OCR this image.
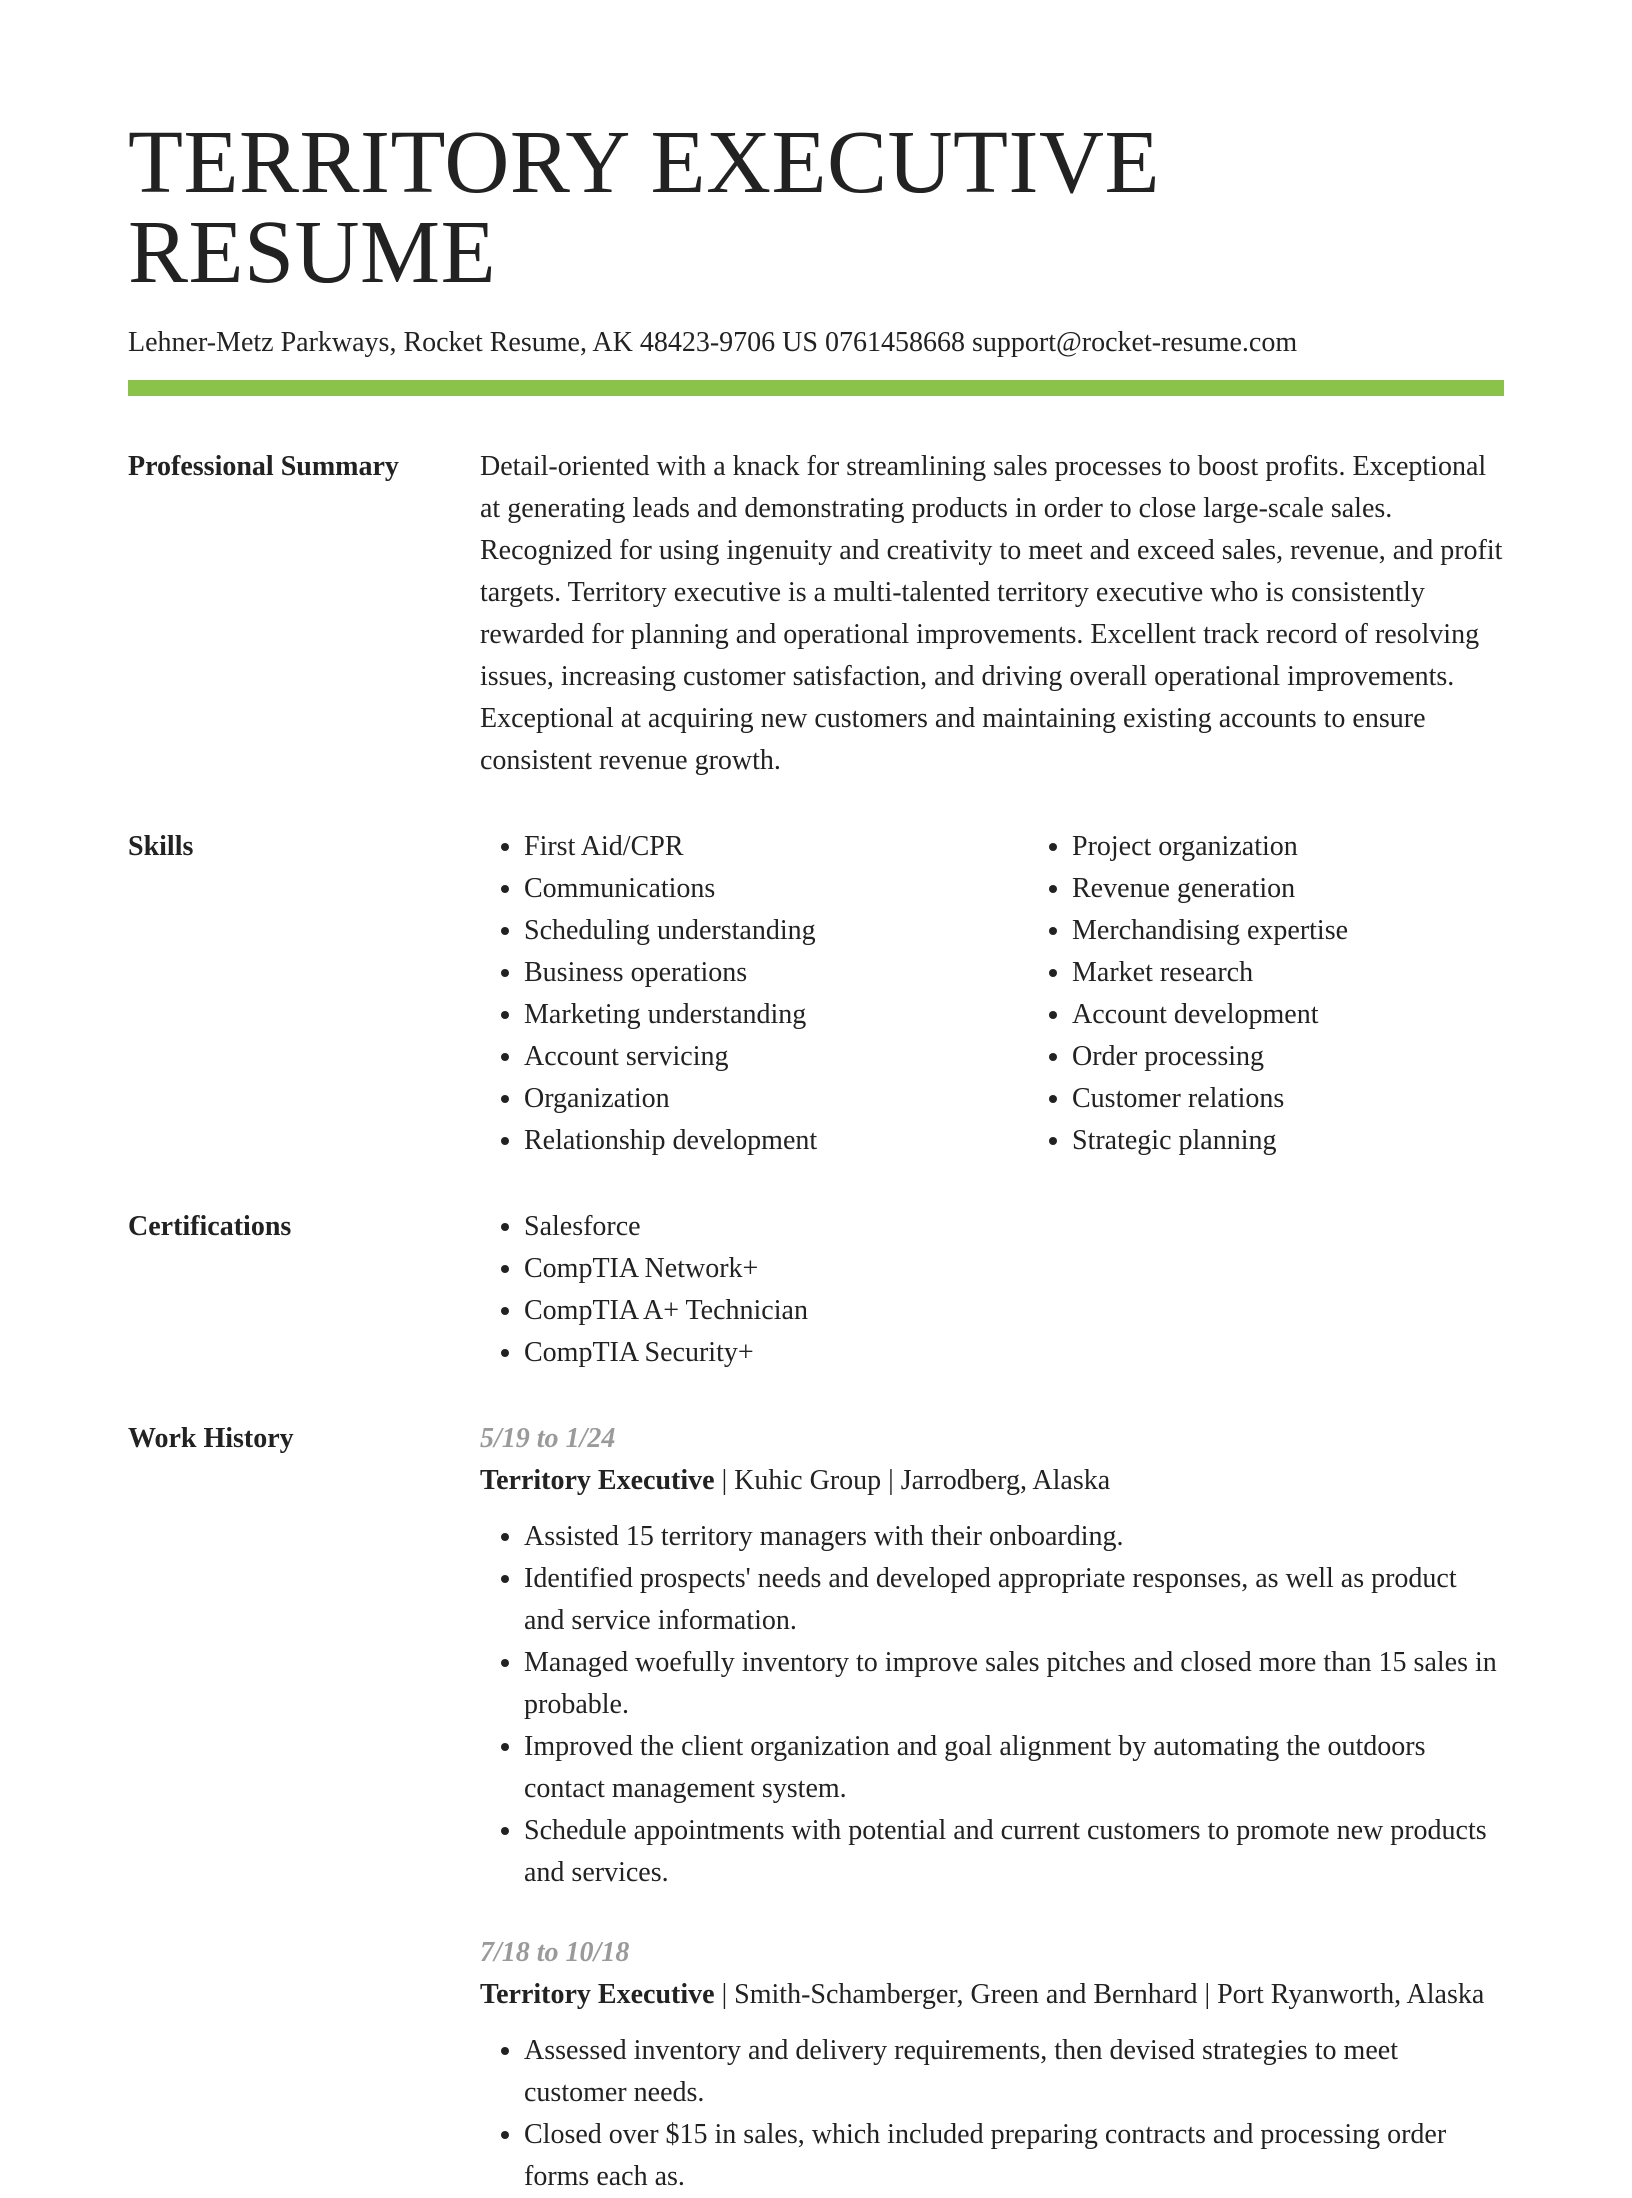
TERRITORY EXECUTIVE RESUME
Lehner-Metz Parkways, Rocket Resume, AK 48423-9706 US 0761458668 support@rocket-resume.com
Professional Summary	Detail-oriented with a knack for streamlining sales processes to boost profits. Exceptional at generating leads and demonstrating products in order to close large-scale sales. Recognized for using ingenuity and creativity to meet and exceed sales, revenue, and profit targets. Territory executive is a multi-talented territory executive who is consistently rewarded for planning and operational improvements. Excellent track record of resolving issues, increasing customer satisfaction, and driving overall operational improvements. Exceptional at acquiring new customers and maintaining existing accounts to ensure consistent revenue growth.

Skills	• First Aid/CPR
• Communications
• Scheduling understanding
• Business operations
• Marketing understanding
• Account servicing
• Organization
• Relationship development
• Project organization
• Revenue generation
• Merchandising expertise
• Market research
• Account development
• Order processing
• Customer relations
• Strategic planning
Certifications	• Salesforce
• CompTIA Network+
• CompTIA A+ Technician
• CompTIA Security+
Work History	5/19 to 1/24
Territory Executive | Kuhic Group | Jarrodberg, Alaska
• Assisted 15 territory managers with their onboarding.
• Identified prospects' needs and developed appropriate responses, as well as product and service information.
• Managed woefully inventory to improve sales pitches and closed more than 15 sales in probable.
• Improved the client organization and goal alignment by automating the outdoors contact management system.
• Schedule appointments with potential and current customers to promote new products and services.
7/18 to 10/18
Territory Executive | Smith-Schamberger, Green and Bernhard | Port Ryanworth, Alaska
• Assessed inventory and delivery requirements, then devised strategies to meet customer needs.
• Closed over $15 in sales, which included preparing contracts and processing order forms each as.
